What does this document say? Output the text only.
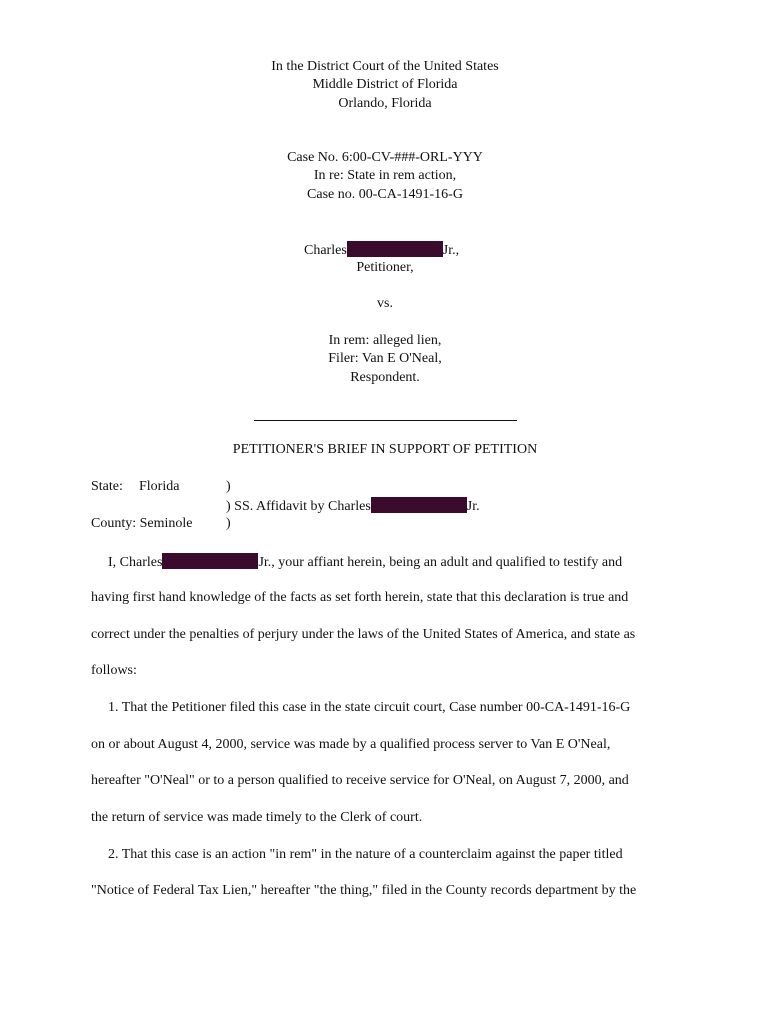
In the District Court of the United States
Middle District of Florida
Orlando, Florida
Case No. 6:00-CV-###-ORL-YYY
In re: State in rem action,
Case no. 00-CA-1491-16-G
Charles	Jr.,
Petitioner,
vs.
In rem: alleged lien,
Filer: Van E O'Neal,
Respondent.
PETITIONER'S BRIEF IN SUPPORT OF PETITION
State: Florida	)
) SS. Affidavit by Charles	Jr.
County: Seminole )
I, Charles	Jr., your affiant herein, being an adult and qualified to testify and
having first hand knowledge of the facts as set forth herein, state that this declaration is true and
correct under the penalties of perjury under the laws of the United States of America, and state as
follows:
1. That the Petitioner filed this case in the state circuit court, Case number 00-CA-1491-16-G
on or about August 4, 2000, service was made by a qualified process server to Van E O'Neal,
hereafter "O'Neal" or to a person qualified to receive service for O'Neal, on August 7, 2000, and
the return of service was made timely to the Clerk of court.
2. That this case is an action "in rem" in the nature of a counterclaim against the paper titled
"Notice of Federal Tax Lien," hereafter "the thing," filed in the County records department by the
